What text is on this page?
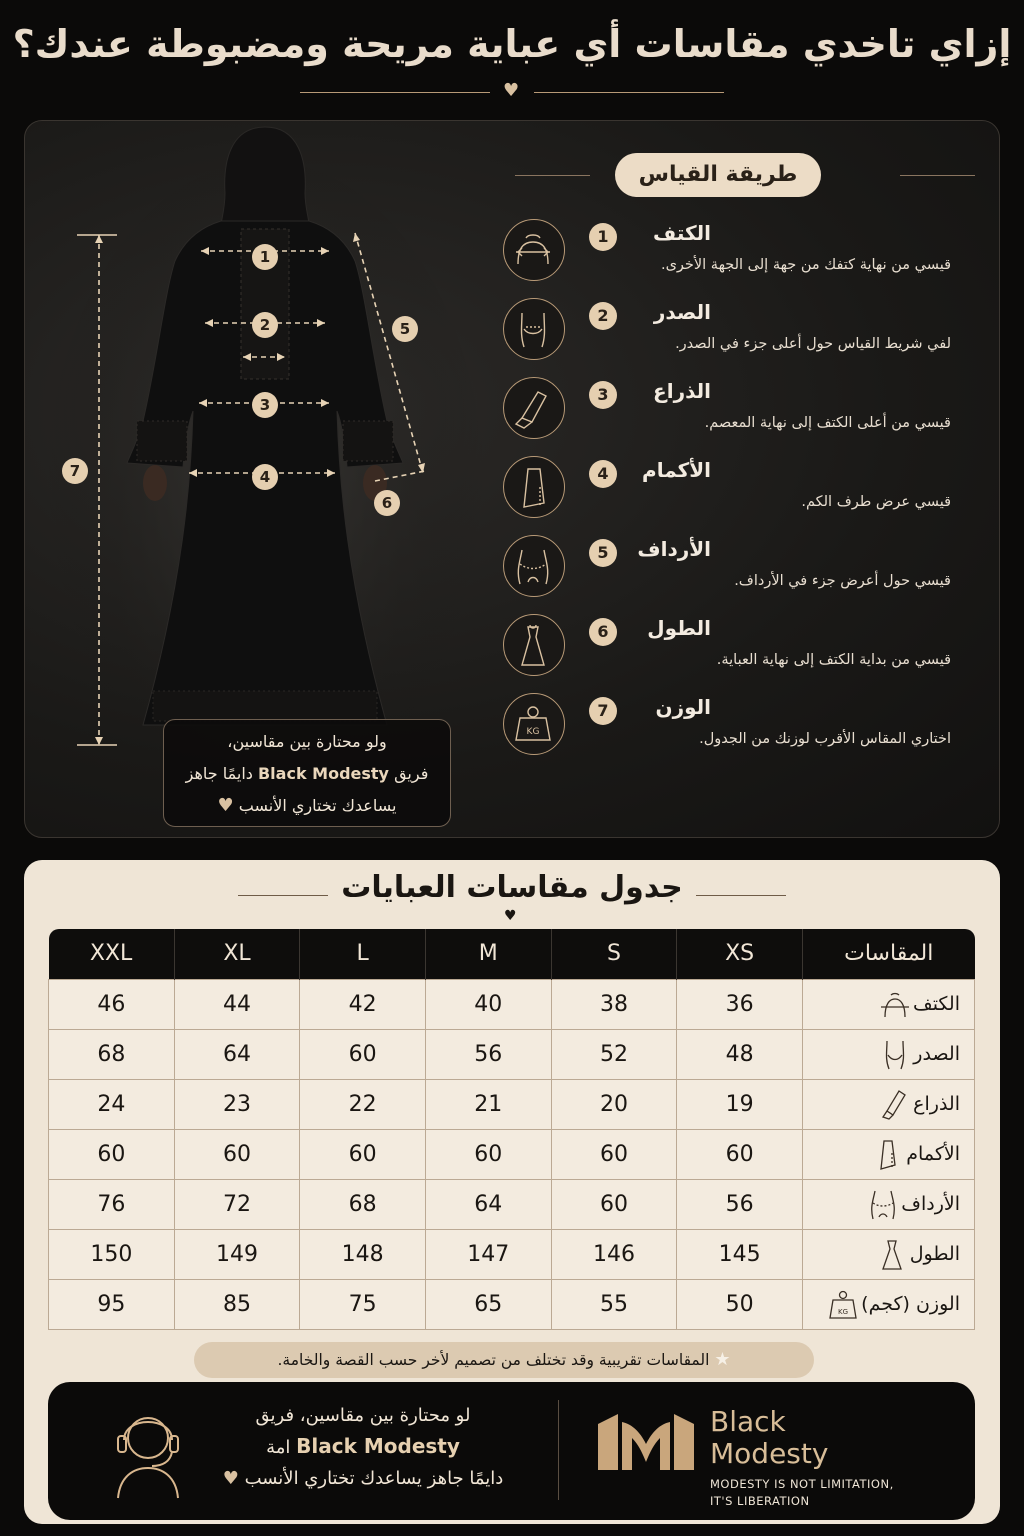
إزاي تاخدي مقاسات أي عباية مريحة ومضبوطة عندك؟
♥
1
2
3
4
5
6
7
طريقة القياس
1	الكتف
قيسي من نهاية كتفك من جهة إلى الجهة الأخرى.
2	الصدر
لفي شريط القياس حول أعلى جزء في الصدر.
3	الذراع
قيسي من أعلى الكتف إلى نهاية المعصم.
4	الأكمام
قيسي عرض طرف الكم.
5	الأرداف
قيسي حول أعرض جزء في الأرداف.
6	الطول
قيسي من بداية الكتف إلى نهاية العباية.
KG
7	الوزن
اختاري المقاس الأقرب لوزنك من الجدول.
ولو محتارة بين مقاسين،
فريق Black Modesty دايمًا جاهز
يساعدك تختاري الأنسب ♥
جدول مقاسات العبايات
♥
XXL	XL	L	M	S	XS	المقاسات
46	44	42	40	38	36	الكتف
68	64	60	56	52	48	الصدر
24	23	22	21	20	19	الذراع
60	60	60	60	60	60	الأكمام
76	72	68	64	60	56	الأرداف
150	149	148	147	146	145	الطول
95	85	75	65	55	50	الوزن (كجم)
KG
★ المقاسات تقريبية وقد تختلف من تصميم لأخر حسب القصة والخامة.
لو محتارة بين مقاسين، فريق
Black Modesty امة
دايمًا جاهز يساعدك تختاري الأنسب ♥
Black
Modesty
MODESTY IS NOT LIMITATION,
IT'S LIBERATION
